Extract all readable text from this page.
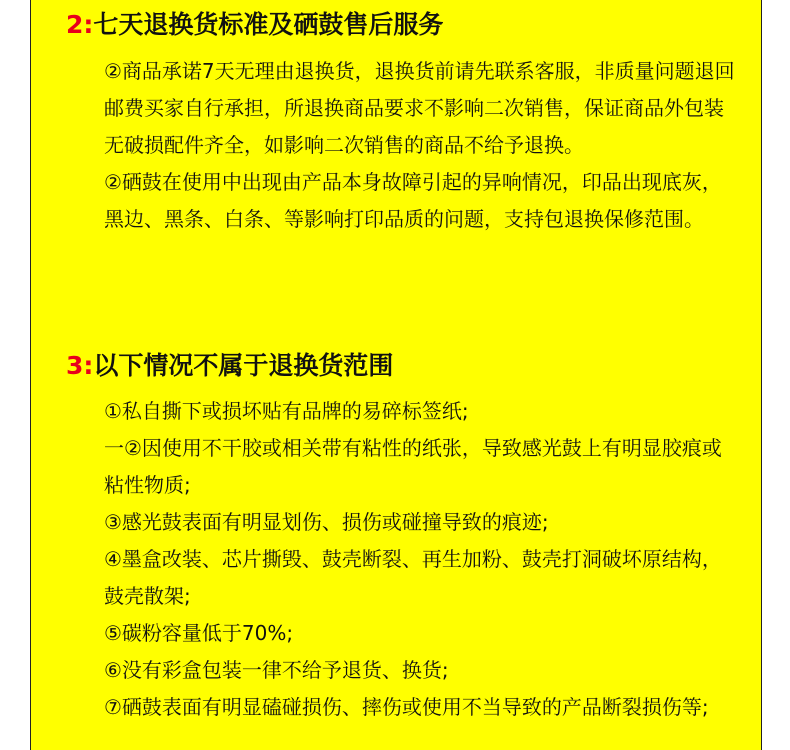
2:七天退换货标准及硒鼓售后服务

②商品承诺7天无理由退换货，退换货前请先联系客服，非质量问题退回邮费买家自行承担，所退换商品要求不影响二次销售，保证商品外包装无破损配件齐全，如影响二次销售的商品不给予退换。

②硒鼓在使用中出现由产品本身故障引起的异响情况，印品出现底灰，黑边、黑条、白条、等影响打印品质的问题，支持包退换保修范围。

3:以下情况不属于退换货范围

①私自撕下或损坏贴有品牌的易碎标签纸;

一②因使用不干胶或相关带有粘性的纸张，导致感光鼓上有明显胶痕或粘性物质;

③感光鼓表面有明显划伤、损伤或碰撞导致的痕迹;

④墨盒改装、芯片撕毁、鼓壳断裂、再生加粉、鼓壳打洞破坏原结构，鼓壳散架;

⑤碳粉容量低于70%;

⑥没有彩盒包装一律不给予退货、换货;

⑦硒鼓表面有明显磕碰损伤、摔伤或使用不当导致的产品断裂损伤等;
